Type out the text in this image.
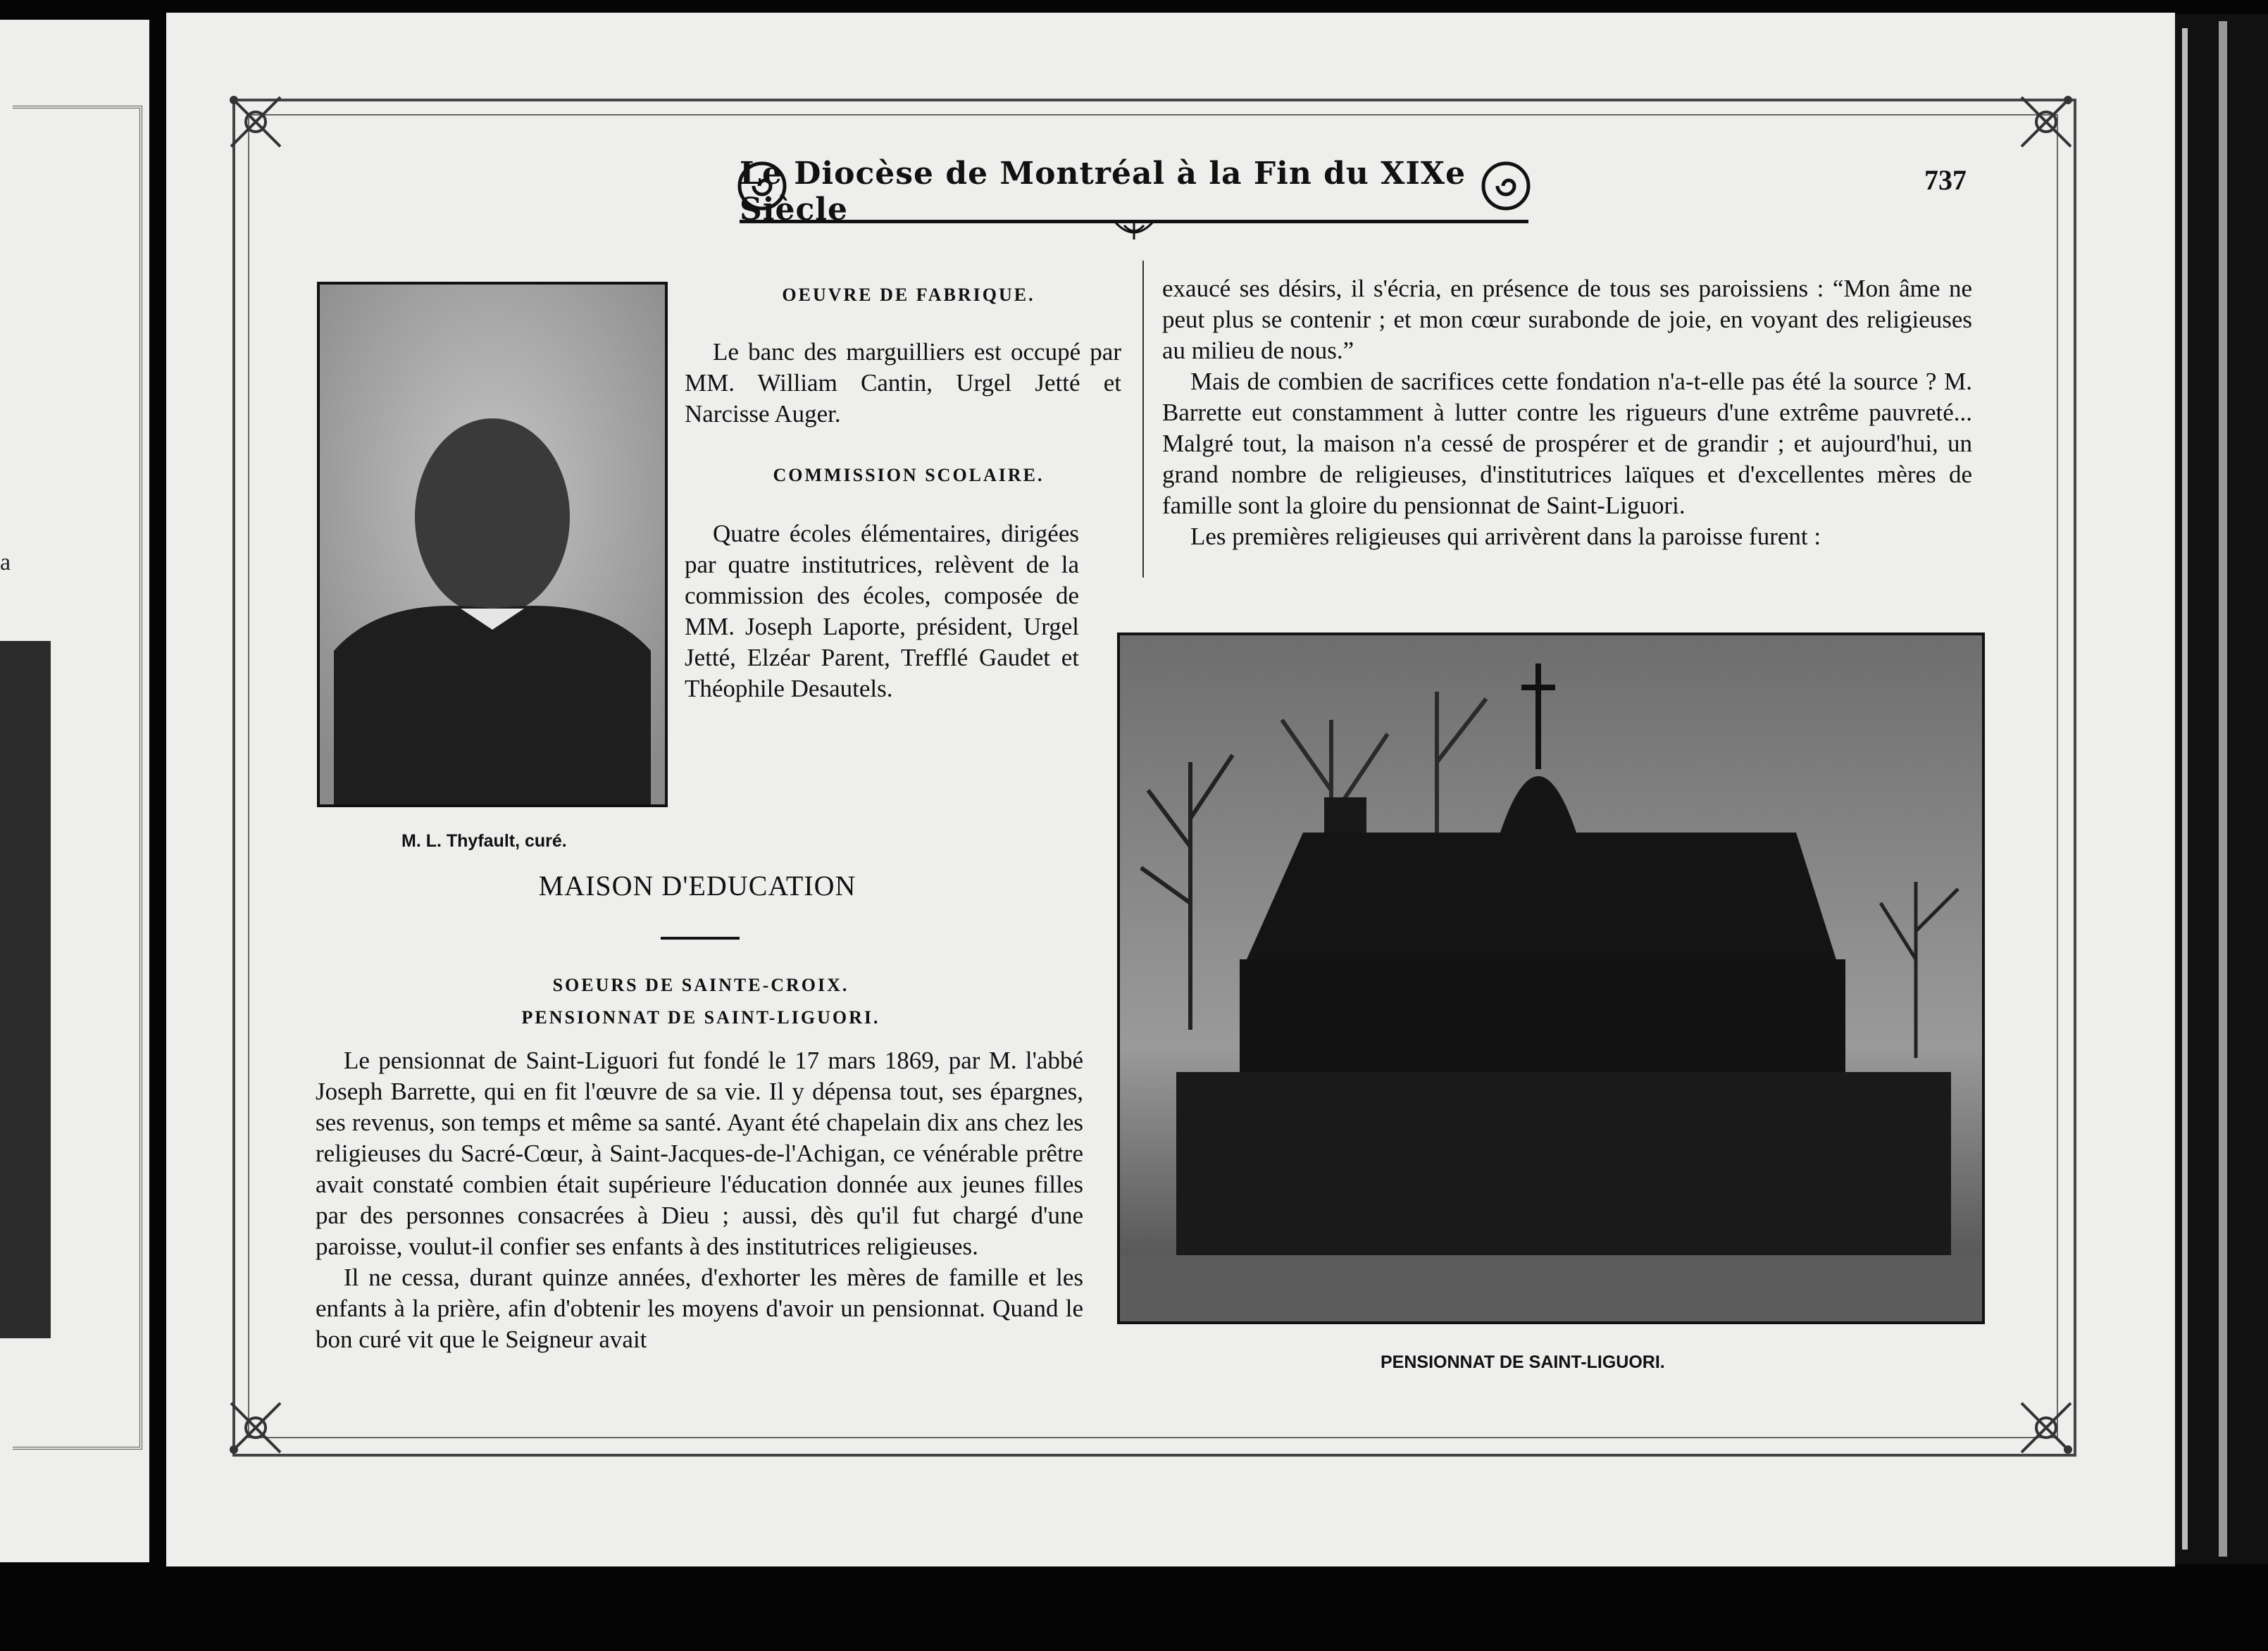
a
Le Diocèse de Montréal à la Fin du XIXe Siècle
737
M. L. Thyfault, curé.
OEUVRE DE FABRIQUE.

Le banc des marguilliers est occupé par MM. William Cantin, Urgel Jetté et Narcisse Auger.

COMMISSION SCOLAIRE.

Quatre écoles élémentaires, dirigées par quatre institutrices, relèvent de la commission des écoles, composée de MM. Joseph Laporte, président, Urgel Jetté, Elzéar Parent, Trefflé Gaudet et Théophile Desautels.

MAISON D'EDUCATION
SOEURS DE SAINTE-CROIX.
PENSIONNAT DE SAINT-LIGUORI.

Le pensionnat de Saint-Liguori fut fondé le 17 mars 1869, par M. l'abbé Joseph Barrette, qui en fit l'œuvre de sa vie. Il y dépensa tout, ses épargnes, ses revenus, son temps et même sa santé. Ayant été chapelain dix ans chez les religieuses du Sacré-Cœur, à Saint-Jacques-de-l'Achigan, ce vénérable prêtre avait constaté combien était supérieure l'éducation donnée aux jeunes filles par des personnes consacrées à Dieu ; aussi, dès qu'il fut chargé d'une paroisse, voulut-il confier ses enfants à des institutrices religieuses.

Il ne cessa, durant quinze années, d'exhorter les mères de famille et les enfants à la prière, afin d'obtenir les moyens d'avoir un pensionnat. Quand le bon curé vit que le Seigneur avait

exaucé ses désirs, il s'écria, en présence de tous ses paroissiens : “Mon âme ne peut plus se contenir ; et mon cœur surabonde de joie, en voyant des religieuses au milieu de nous.”

Mais de combien de sacrifices cette fondation n'a-t-elle pas été la source ? M. Barrette eut constamment à lutter contre les rigueurs d'une extrême pauvreté... Malgré tout, la maison n'a cessé de prospérer et de grandir ; et aujourd'hui, un grand nombre de religieuses, d'institutrices laïques et d'excellentes mères de famille sont la gloire du pensionnat de Saint-Liguori.

Les premières religieuses qui arrivèrent dans la paroisse furent :

PENSIONNAT DE SAINT-LIGUORI.
